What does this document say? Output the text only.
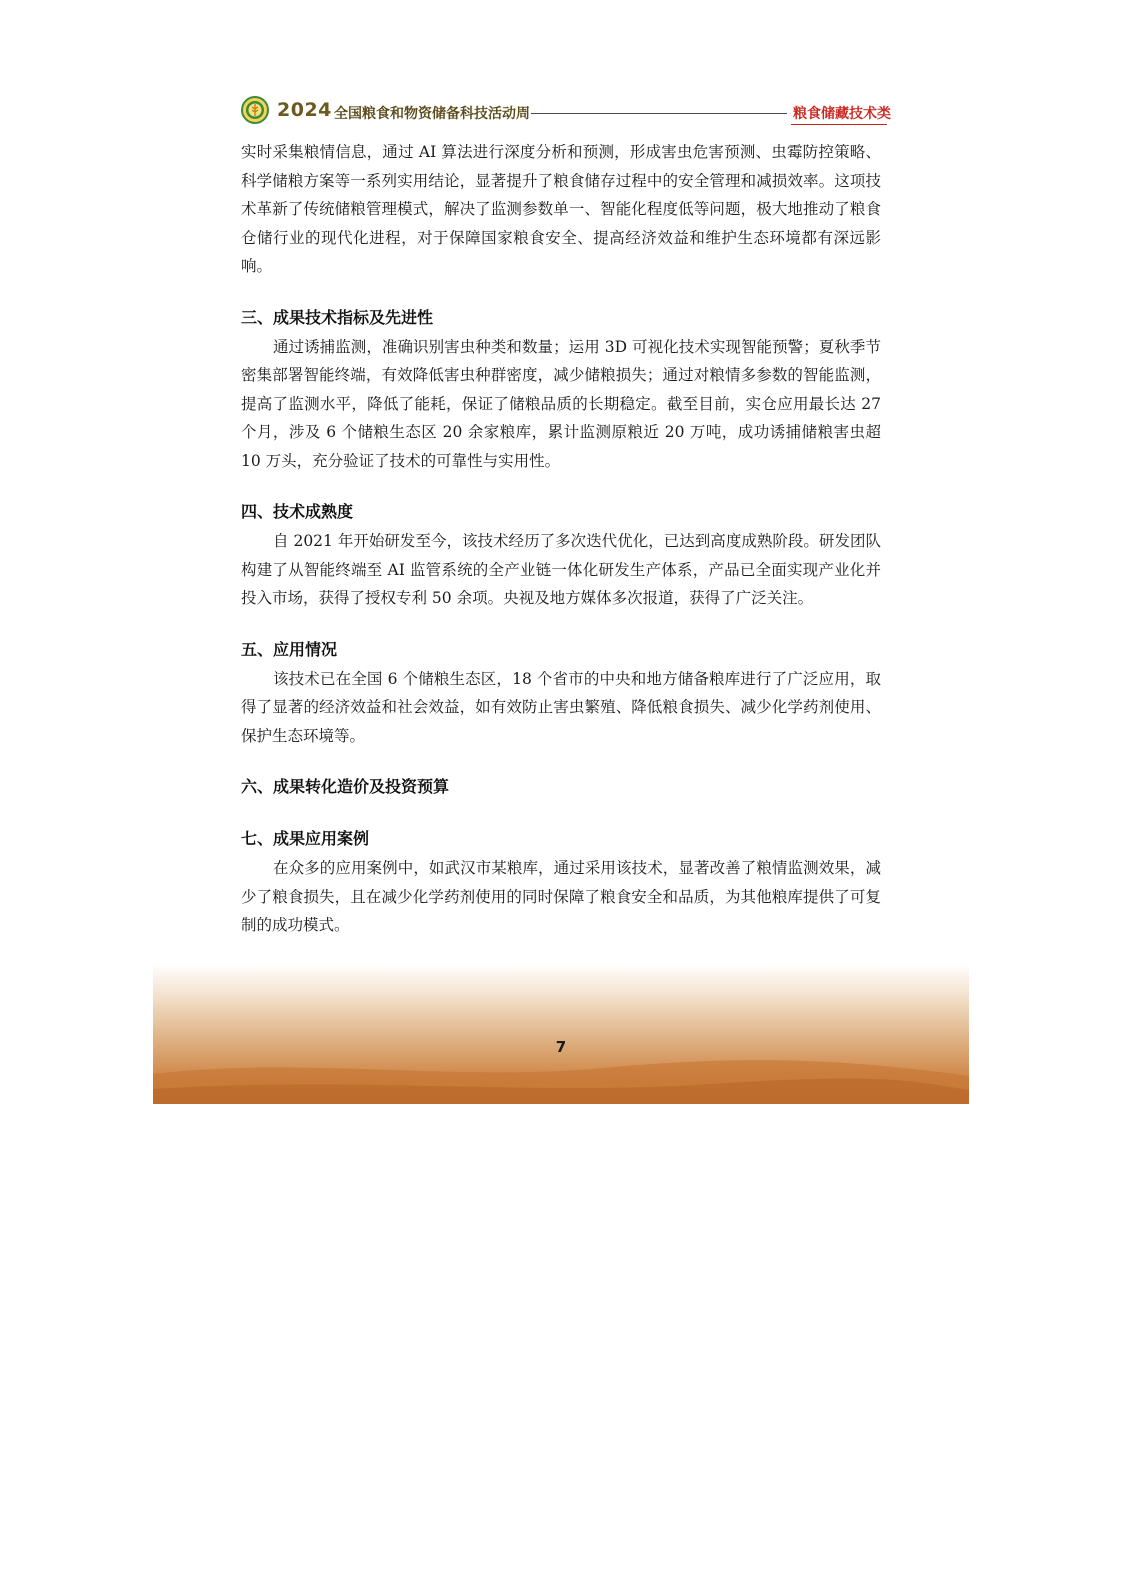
2024 全国粮食和物资储备科技活动周	粮食储藏技术类

实时采集粮情信息，通过 AI 算法进行深度分析和预测，形成害虫危害预测、虫霉防控策略、科学储粮方案等一系列实用结论，显著提升了粮食储存过程中的安全管理和减损效率。这项技术革新了传统储粮管理模式，解决了监测参数单一、智能化程度低等问题，极大地推动了粮食仓储行业的现代化进程，对于保障国家粮食安全、提高经济效益和维护生态环境都有深远影响。

三、成果技术指标及先进性

通过诱捕监测，准确识别害虫种类和数量；运用 3D 可视化技术实现智能预警；夏秋季节密集部署智能终端，有效降低害虫种群密度，减少储粮损失；通过对粮情多参数的智能监测，提高了监测水平，降低了能耗，保证了储粮品质的长期稳定。截至目前，实仓应用最长达 27 个月，涉及 6 个储粮生态区 20 余家粮库，累计监测原粮近 20 万吨，成功诱捕储粮害虫超 10 万头，充分验证了技术的可靠性与实用性。

四、技术成熟度

自 2021 年开始研发至今，该技术经历了多次迭代优化，已达到高度成熟阶段。研发团队构建了从智能终端至 AI 监管系统的全产业链一体化研发生产体系，产品已全面实现产业化并投入市场，获得了授权专利 50 余项。央视及地方媒体多次报道，获得了广泛关注。

五、应用情况

该技术已在全国 6 个储粮生态区，18 个省市的中央和地方储备粮库进行了广泛应用，取得了显著的经济效益和社会效益，如有效防止害虫繁殖、降低粮食损失、减少化学药剂使用、保护生态环境等。

六、成果转化造价及投资预算
七、成果应用案例

在众多的应用案例中，如武汉市某粮库，通过采用该技术，显著改善了粮情监测效果，减少了粮食损失，且在减少化学药剂使用的同时保障了粮食安全和品质，为其他粮库提供了可复制的成功模式。

7
